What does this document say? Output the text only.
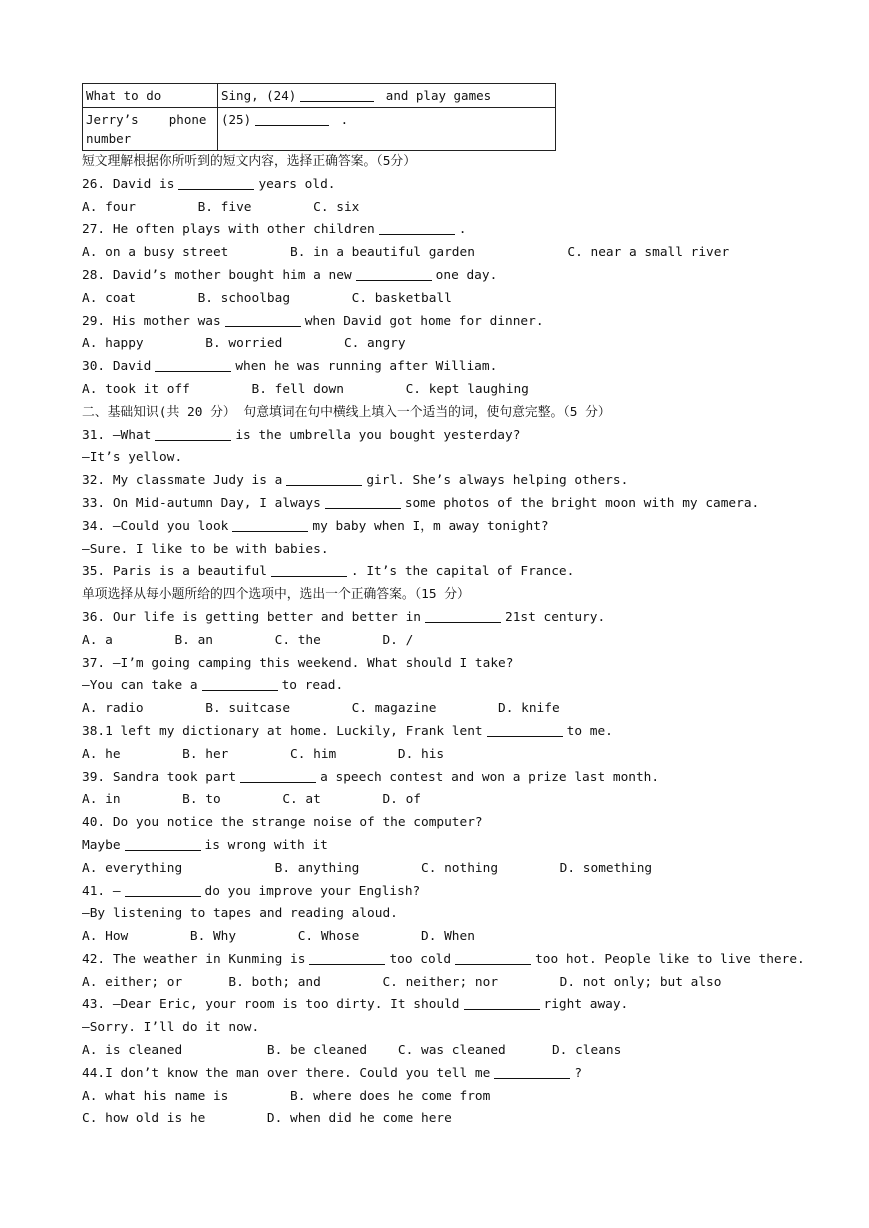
What to do	Sing, (24) and play games

Jerry’s    phone
number	(25) .
短文理解根据你所听到的短文内容，选择正确答案。（5分）
26. David is	years old.
A. four        B. five        C. six
27. He often plays with other children	.
A. on a busy street        B. in a beautiful garden            C. near a small river
28. David’s mother bought him a new	one day.
A. coat        B. schoolbag        C. basketball
29. His mother was	when David got home for dinner.
A. happy        B. worried        C. angry
30. David	when he was running after William.
A. took it off        B. fell down        C. kept laughing
二、基础知识(共 20 分） 句意填词在句中横线上填入一个适当的词，使句意完整。（5 分）
31. —What	is the umbrella you bought yesterday?
—It’s yellow.
32. My classmate Judy is a	girl. She’s always helping others.
33. On Mid-autumn Day, I always	some photos of the bright moon with my camera.
34. —Could you look	my baby when I，m away tonight?
—Sure. I like to be with babies.
35. Paris is a beautiful	. It’s the capital of France.
单项选择从每小题所给的四个选项中，选出一个正确答案。（15 分）
36. Our life is getting better and better in	21st century.
A. a        B. an        C. the        D. /
37. —I’m going camping this weekend. What should I take?
—You can take a	to read.
A. radio        B. suitcase        C. magazine        D. knife
38.1 left my dictionary at home. Luckily, Frank lent	to me.
A. he        B. her        C. him        D. his
39. Sandra took part	a speech contest and won a prize last month.
A. in        B. to        C. at        D. of
40. Do you notice the strange noise of the computer?
Maybe	is wrong with it
A. everything            B. anything        C. nothing        D. something
41. —	do you improve your English?
—By listening to tapes and reading aloud.
A. How        B. Why        C. Whose        D. When
42. The weather in Kunming is	too cold	too hot. People like to live there.
A. either; or      B. both; and        C. neither; nor        D. not only; but also
43. —Dear Eric, your room is too dirty. It should	right away.
—Sorry. I’ll do it now.
A. is cleaned           B. be cleaned    C. was cleaned      D. cleans
44.I don’t know the man over there. Could you tell me	?
A. what his name is        B. where does he come from
C. how old is he        D. when did he come here
